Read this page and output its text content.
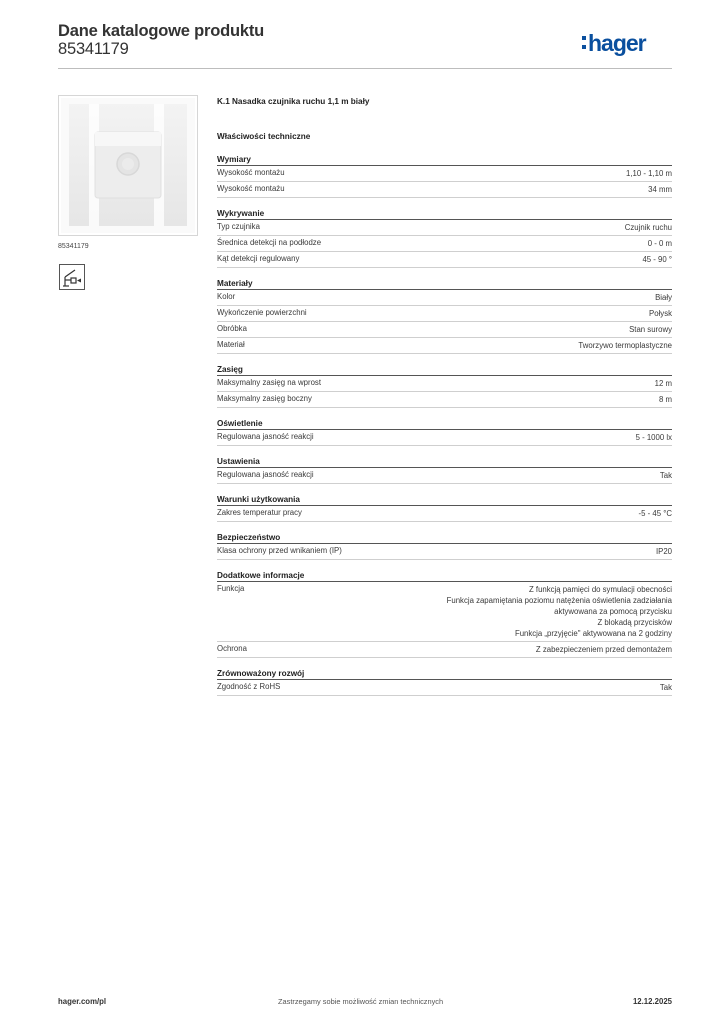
Dane katalogowe produktu
85341179	hager
85341179
K.1 Nasadka czujnika ruchu 1,1 m biały
Właściwości techniczne
Wymiary
Wysokość montażu	1,10 - 1,10 m
Wysokość montażu	34 mm
Wykrywanie
Typ czujnika	Czujnik ruchu
Średnica detekcji na podłodze	0 - 0 m
Kąt detekcji regulowany	45 - 90 °
Materiały
Kolor	Biały
Wykończenie powierzchni	Połysk
Obróbka	Stan surowy
Materiał	Tworzywo termoplastyczne
Zasięg
Maksymalny zasięg na wprost	12 m
Maksymalny zasięg boczny	8 m
Oświetlenie
Regulowana jasność reakcji	5 - 1000 lx
Ustawienia
Regulowana jasność reakcji	Tak
Warunki użytkowania
Zakres temperatur pracy	-5 - 45 °C
Bezpieczeństwo
Klasa ochrony przed wnikaniem (IP)	IP20
Dodatkowe informacje
Funkcja	Z funkcją pamięci do symulacji obecności
Funkcja zapamiętania poziomu natężenia oświetlenia zadziałania
aktywowana za pomocą przycisku
Z blokadą przycisków
Funkcja „przyjęcie" aktywowana na 2 godziny
Ochrona	Z zabezpieczeniem przed demontażem
Zrównoważony rozwój
Zgodność z RoHS	Tak
hager.com/pl	Zastrzegamy sobie możliwość zmian technicznych	12.12.2025
